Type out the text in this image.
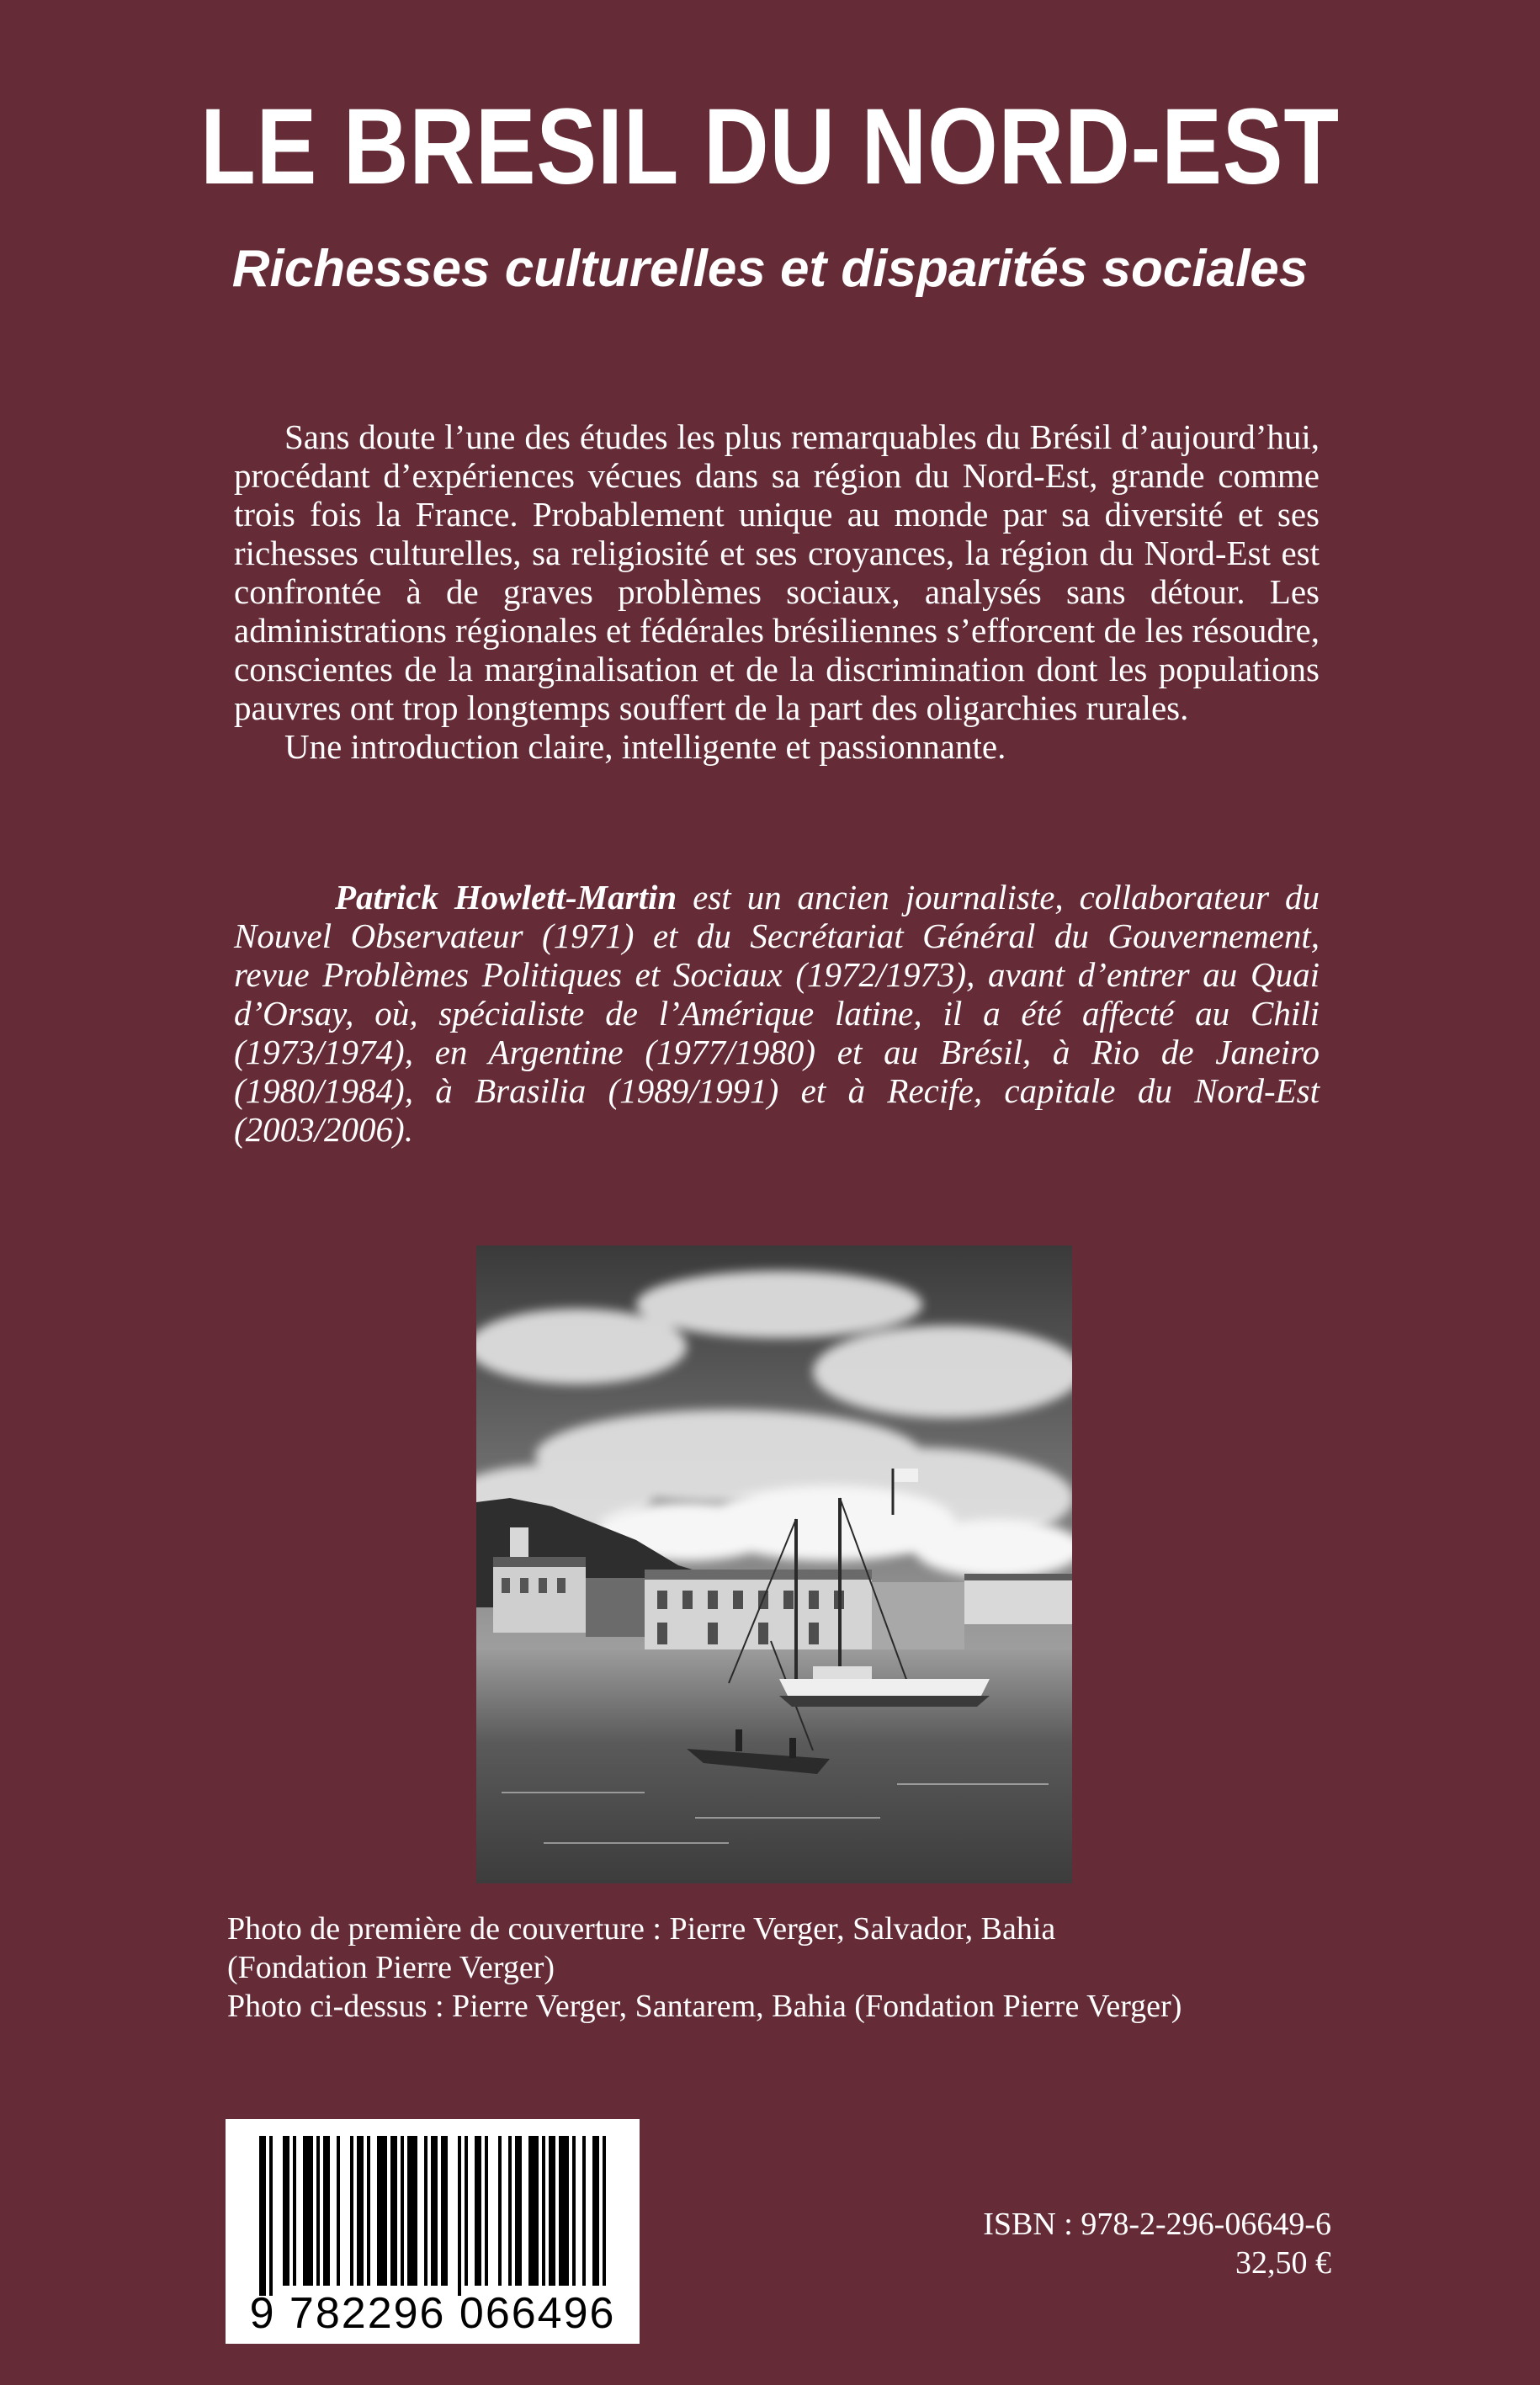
LE BRESIL DU NORD-EST
Richesses culturelles et disparités sociales

Sans doute l’une des études les plus remarquables du Brésil d’aujourd’hui, procédant d’expériences vécues dans sa région du Nord-Est, grande comme trois fois la France. Probablement unique au monde par sa diversité et ses richesses culturelles, sa religiosité et ses croyances, la région du Nord-Est est confrontée à de graves problèmes sociaux, analysés sans détour. Les administrations régionales et fédérales brésiliennes s’efforcent de les résoudre, conscientes de la marginalisation et de la discrimination dont les populations pauvres ont trop longtemps souffert de la part des oligarchies rurales.

Une introduction claire, intelligente et passionnante.

Patrick Howlett-Martin est un ancien journaliste, collaborateur du Nouvel Observateur (1971) et du Secrétariat Général du Gouvernement, revue Problèmes Politiques et Sociaux (1972/1973), avant d’entrer au Quai d’Orsay, où, spécialiste de l’Amérique latine, il a été affecté au Chili (1973/1974), en Argentine (1977/1980) et au Brésil, à Rio de Janeiro (1980/1984), à Brasilia (1989/1991) et à Recife, capitale du Nord-Est (2003/2006).

Photo de première de couverture : Pierre Verger, Salvador, Bahia
(Fondation Pierre Verger)
Photo ci-dessus : Pierre Verger, Santarem, Bahia (Fondation Pierre Verger)
9 782296 066496
ISBN : 978-2-296-06649-6
32,50 €
